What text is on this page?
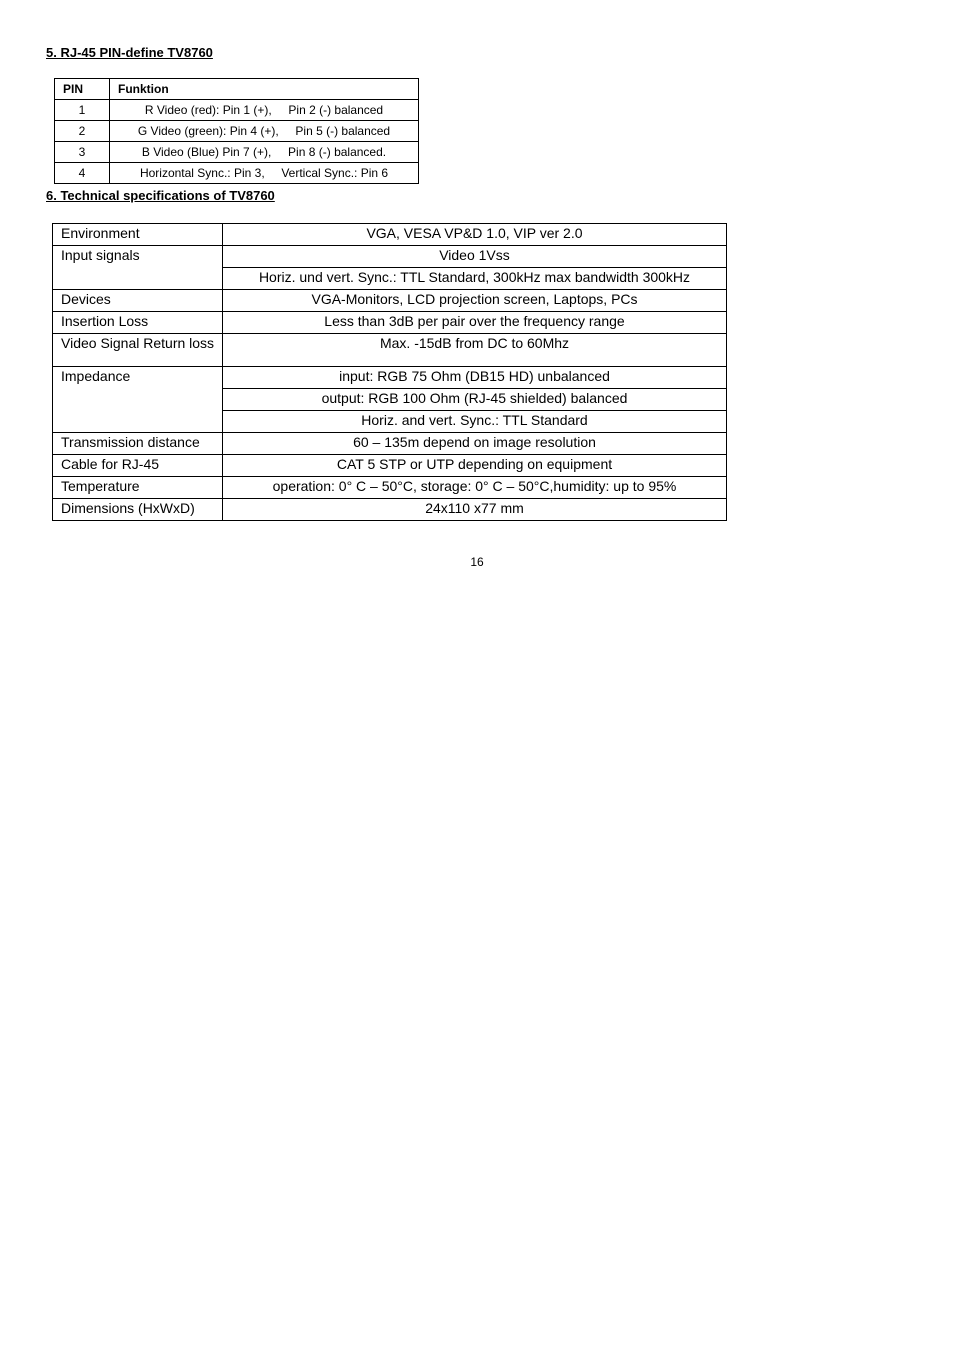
5. RJ-45 PIN-define TV8760
PIN	Funktion
1	R Video (red): Pin 1 (+),     Pin 2 (-) balanced
2	G Video (green): Pin 4 (+),     Pin 5 (-) balanced
3	B Video (Blue) Pin 7 (+),     Pin 8 (-) balanced.
4	Horizontal Sync.: Pin 3,     Vertical Sync.: Pin 6
6. Technical specifications of TV8760
Environment	VGA, VESA VP&D 1.0, VIP ver 2.0
Input signals	Video 1Vss
	Horiz. und vert. Sync.: TTL Standard, 300kHz max bandwidth 300kHz
Devices	VGA-Monitors, LCD projection screen, Laptops, PCs
Insertion Loss	Less than 3dB per pair over the frequency range
Video Signal Return loss	Max. -15dB from DC to 60Mhz
Impedance	input: RGB 75 Ohm (DB15 HD) unbalanced
	output: RGB 100 Ohm (RJ-45 shielded) balanced
	Horiz. and vert. Sync.: TTL Standard
Transmission distance	60 – 135m depend on image resolution
Cable for RJ-45	CAT 5 STP or UTP depending on equipment
Temperature	operation: 0° C – 50°C, storage: 0° C – 50°C,humidity: up to 95%
Dimensions (HxWxD)	24x110 x77 mm
16
